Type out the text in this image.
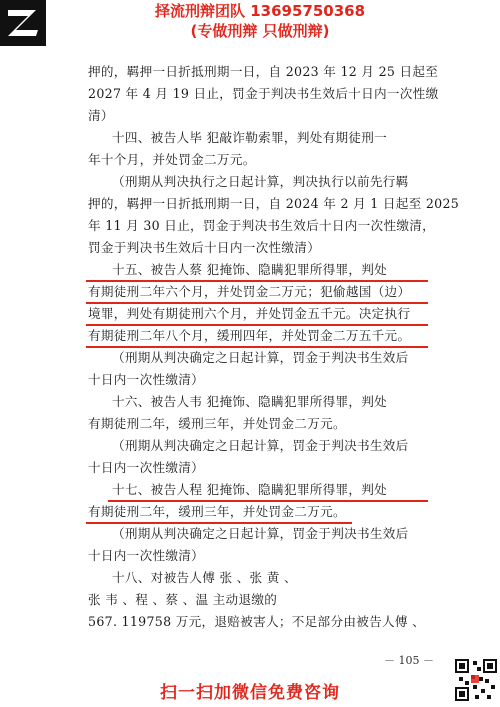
择流刑辩团队 13695750368
(专做刑辩 只做刑辩)
押的，羁押一日折抵刑期一日，自 2023 年 12 月 25 日起至
2027 年 4 月 19 日止，罚金于判决书生效后十日内一次性缴
清）
十四、被告人毕 犯敲诈勒索罪，判处有期徒刑一
年十个月，并处罚金二万元。
（刑期从判决执行之日起计算，判决执行以前先行羁
押的，羁押一日折抵刑期一日，自 2024 年 2 月 1 日起至 2025
年 11 月 30 日止，罚金于判决书生效后十日内一次性缴清，
罚金于判决书生效后十日内一次性缴清）
十五、被告人蔡 犯掩饰、隐瞒犯罪所得罪，判处
有期徒刑二年六个月，并处罚金二万元；犯偷越国（边）
境罪，判处有期徒刑六个月，并处罚金五千元。决定执行
有期徒刑二年八个月，缓刑四年，并处罚金二万五千元。
（刑期从判决确定之日起计算，罚金于判决书生效后
十日内一次性缴清）
十六、被告人韦 犯掩饰、隐瞒犯罪所得罪，判处
有期徒刑二年，缓刑三年，并处罚金二万元。
（刑期从判决确定之日起计算，罚金于判决书生效后
十日内一次性缴清）
十七、被告人程 犯掩饰、隐瞒犯罪所得罪，判处
有期徒刑二年，缓刑三年，并处罚金二万元。
（刑期从判决确定之日起计算，罚金于判决书生效后
十日内一次性缴清）
十八、对被告人傅 张 、张 黄 、
张 韦 、程 、蔡 、温 主动退缴的
567. 119758 万元，退赔被害人；不足部分由被告人傅 、
－ 105 －
扫一扫加微信免费咨询
